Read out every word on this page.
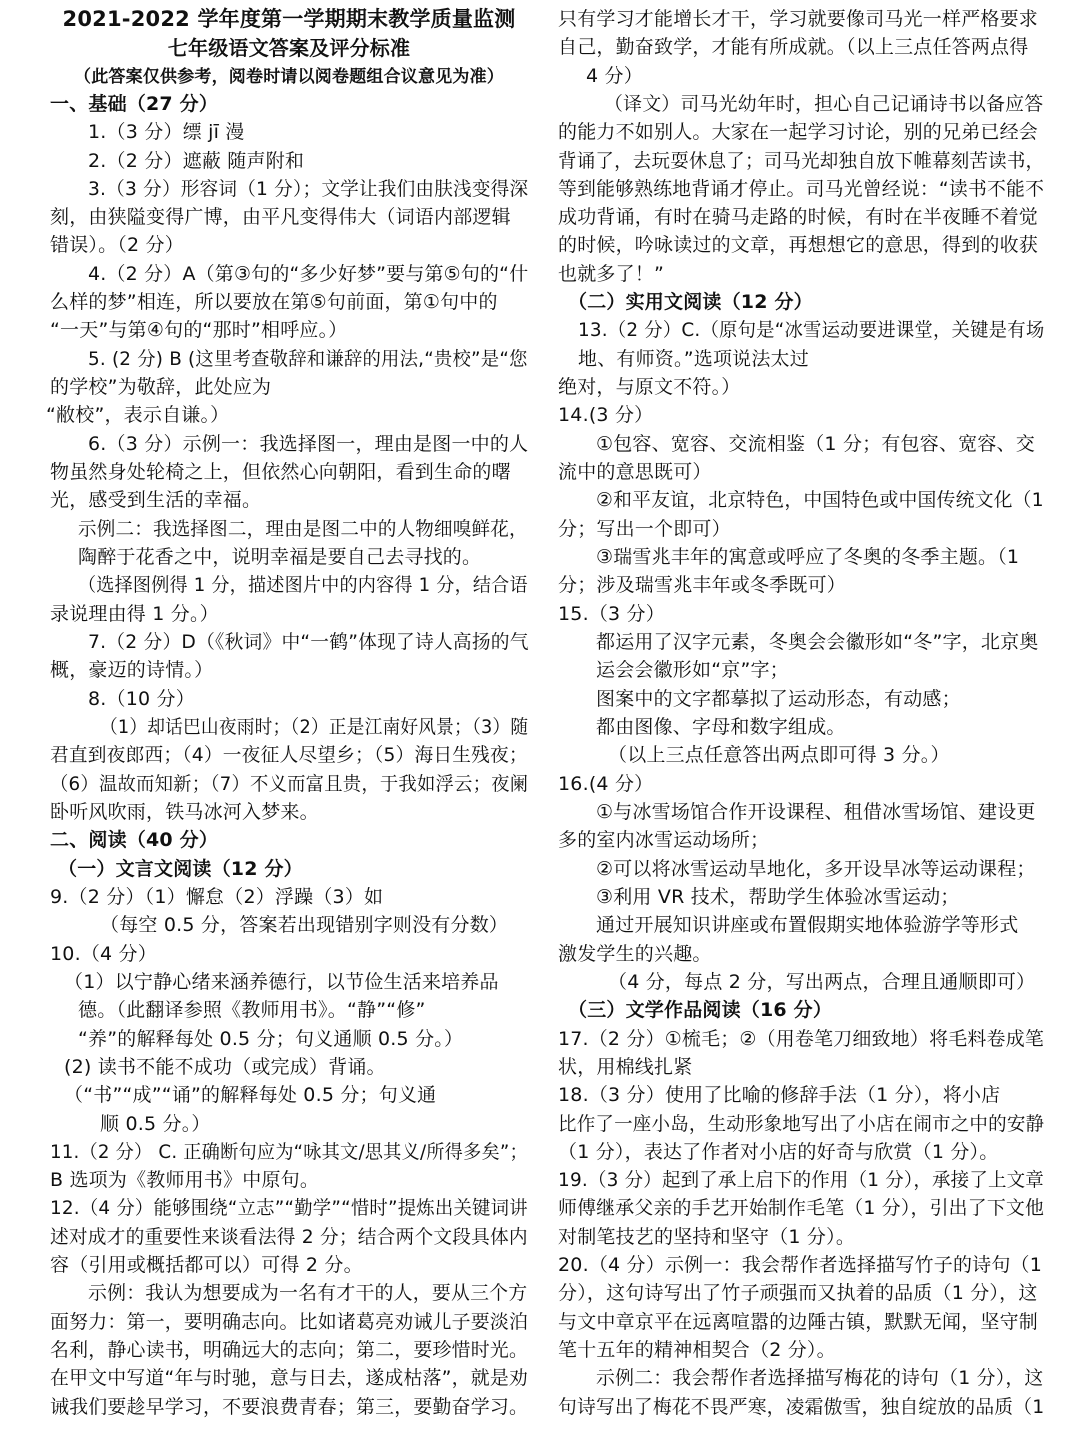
2021-2022 学年度第一学期期末教学质量监测
七年级语文答案及评分标准
（此答案仅供参考，阅卷时请以阅卷题组合议意见为准）
一、基础（27 分）
1.（3 分）缥 jī 漫
2.（2 分）遮蔽 随声附和
3.（3 分）形容词（1 分）；文学让我们由肤浅变得深
刻，由狭隘变得广博，由平凡变得伟大（词语内部逻辑
错误）。（2 分）
4.（2 分）A（第③句的“多少好梦”要与第⑤句的“什
么样的梦”相连，所以要放在第⑤句前面，第①句中的
“一天”与第④句的“那时”相呼应。）
5. (2 分) B (这里考查敬辞和谦辞的用法,“贵校”是“您
的学校”为敬辞，此处应为
“敝校”，表示自谦。）
6.（3 分）示例一：我选择图一，理由是图一中的人
物虽然身处轮椅之上，但依然心向朝阳，看到生命的曙
光，感受到生活的幸福。
示例二：我选择图二，理由是图二中的人物细嗅鲜花，
陶醉于花香之中，说明幸福是要自己去寻找的。
（选择图例得 1 分，描述图片中的内容得 1 分，结合语
录说理由得 1 分。）
7.（2 分）D（《秋词》中“一鹤”体现了诗人高扬的气
概，豪迈的诗情。）
8.（10 分）
（1）却话巴山夜雨时；（2）正是江南好风景；（3）随
君直到夜郎西；（4）一夜征人尽望乡；（5）海日生残夜；
（6）温故而知新；（7）不义而富且贵，于我如浮云；夜阑
卧听风吹雨，铁马冰河入梦来。
二、阅读（40 分）
（一）文言文阅读（12 分）
9.（2 分）（1）懈怠（2）浮躁（3）如
（每空 0.5 分，答案若出现错别字则没有分数）
10.（4 分）
（1）以宁静心绪来涵养德行，以节俭生活来培养品
德。（此翻译参照《教师用书》。“静”“修”
“养”的解释每处 0.5 分；句义通顺 0.5 分。）
(2) 读书不能不成功（或完成）背诵。
（“书”“成”“诵”的解释每处 0.5 分；句义通
顺 0.5 分。）
11.（2 分） C. 正确断句应为“咏其文/思其义/所得多矣”；
B 选项为《教师用书》中原句。
12.（4 分）能够围绕“立志”“勤学”“惜时”提炼出关键词讲
述对成才的重要性来谈看法得 2 分；结合两个文段具体内
容（引用或概括都可以）可得 2 分。
示例：我认为想要成为一名有才干的人，要从三个方
面努力：第一，要明确志向。比如诸葛亮劝诫儿子要淡泊
名利，静心读书，明确远大的志向；第二，要珍惜时光。
在甲文中写道“年与时驰，意与日去，遂成枯落”，就是劝
诫我们要趁早学习，不要浪费青春；第三，要勤奋学习。
只有学习才能增长才干，学习就要像司马光一样严格要求
自己，勤奋致学，才能有所成就。（以上三点任答两点得
4 分）
（译文）司马光幼年时，担心自己记诵诗书以备应答
的能力不如别人。大家在一起学习讨论，别的兄弟已经会
背诵了，去玩耍休息了；司马光却独自放下帷幕刻苦读书，
等到能够熟练地背诵才停止。司马光曾经说：“读书不能不
成功背诵，有时在骑马走路的时候，有时在半夜睡不着觉
的时候，吟咏读过的文章，再想想它的意思，得到的收获
也就多了！”
（二）实用文阅读（12 分）
13.（2 分）C.（原句是“冰雪运动要进课堂，关键是有场
地、有师资。”选项说法太过
绝对，与原文不符。）
14.(3 分）
①包容、宽容、交流相鉴（1 分；有包容、宽容、交
流中的意思既可）
②和平友谊，北京特色，中国特色或中国传统文化（1
分；写出一个即可）
③瑞雪兆丰年的寓意或呼应了冬奥的冬季主题。（1
分；涉及瑞雪兆丰年或冬季既可）
15.（3 分）
都运用了汉字元素，冬奥会会徽形如“冬”字，北京奥
运会会徽形如“京”字；
图案中的文字都摹拟了运动形态，有动感；
都由图像、字母和数字组成。
（以上三点任意答出两点即可得 3 分。）
16.(4 分）
①与冰雪场馆合作开设课程、租借冰雪场馆、建设更
多的室内冰雪运动场所；
②可以将冰雪运动旱地化，多开设旱冰等运动课程；
③利用 VR 技术，帮助学生体验冰雪运动；
通过开展知识讲座或布置假期实地体验游学等形式
激发学生的兴趣。
（4 分，每点 2 分，写出两点，合理且通顺即可）
（三）文学作品阅读（16 分）
17.（2 分）①梳毛；②（用卷笔刀细致地）将毛料卷成笔
状，用棉线扎紧
18.（3 分）使用了比喻的修辞手法（1 分），将小店
比作了一座小岛，生动形象地写出了小店在闹市之中的安静
（1 分），表达了作者对小店的好奇与欣赏（1 分）。
19.（3 分）起到了承上启下的作用（1 分），承接了上文章
师傅继承父亲的手艺开始制作毛笔（1 分），引出了下文他
对制笔技艺的坚持和坚守（1 分）。
20.（4 分）示例一：我会帮作者选择描写竹子的诗句（1
分），这句诗写出了竹子顽强而又执着的品质（1 分），这
与文中章京平在远离喧嚣的边陲古镇，默默无闻，坚守制
笔十五年的精神相契合（2 分）。
示例二：我会帮作者选择描写梅花的诗句（1 分），这
句诗写出了梅花不畏严寒，凌霜傲雪，独自绽放的品质（1
